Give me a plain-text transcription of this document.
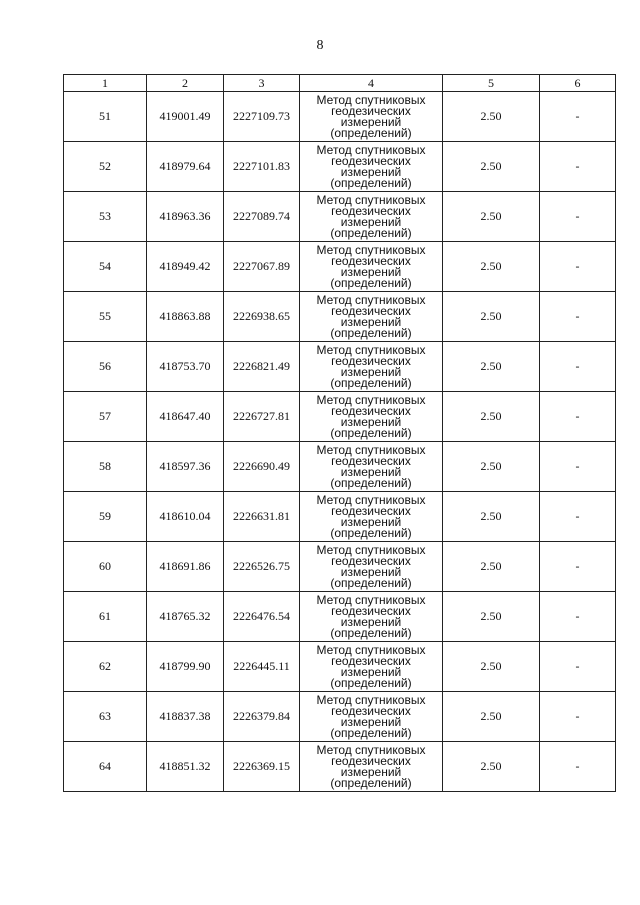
8
1	2	3	4	5	6
51	419001.49	2227109.73	Метод спутниковых
геодезических
измерений
(определений)	2.50	-
52	418979.64	2227101.83	Метод спутниковых
геодезических
измерений
(определений)	2.50	-
53	418963.36	2227089.74	Метод спутниковых
геодезических
измерений
(определений)	2.50	-
54	418949.42	2227067.89	Метод спутниковых
геодезических
измерений
(определений)	2.50	-
55	418863.88	2226938.65	Метод спутниковых
геодезических
измерений
(определений)	2.50	-
56	418753.70	2226821.49	Метод спутниковых
геодезических
измерений
(определений)	2.50	-
57	418647.40	2226727.81	Метод спутниковых
геодезических
измерений
(определений)	2.50	-
58	418597.36	2226690.49	Метод спутниковых
геодезических
измерений
(определений)	2.50	-
59	418610.04	2226631.81	Метод спутниковых
геодезических
измерений
(определений)	2.50	-
60	418691.86	2226526.75	Метод спутниковых
геодезических
измерений
(определений)	2.50	-
61	418765.32	2226476.54	Метод спутниковых
геодезических
измерений
(определений)	2.50	-
62	418799.90	2226445.11	Метод спутниковых
геодезических
измерений
(определений)	2.50	-
63	418837.38	2226379.84	Метод спутниковых
геодезических
измерений
(определений)	2.50	-
64	418851.32	2226369.15	Метод спутниковых
геодезических
измерений
(определений)	2.50	-
